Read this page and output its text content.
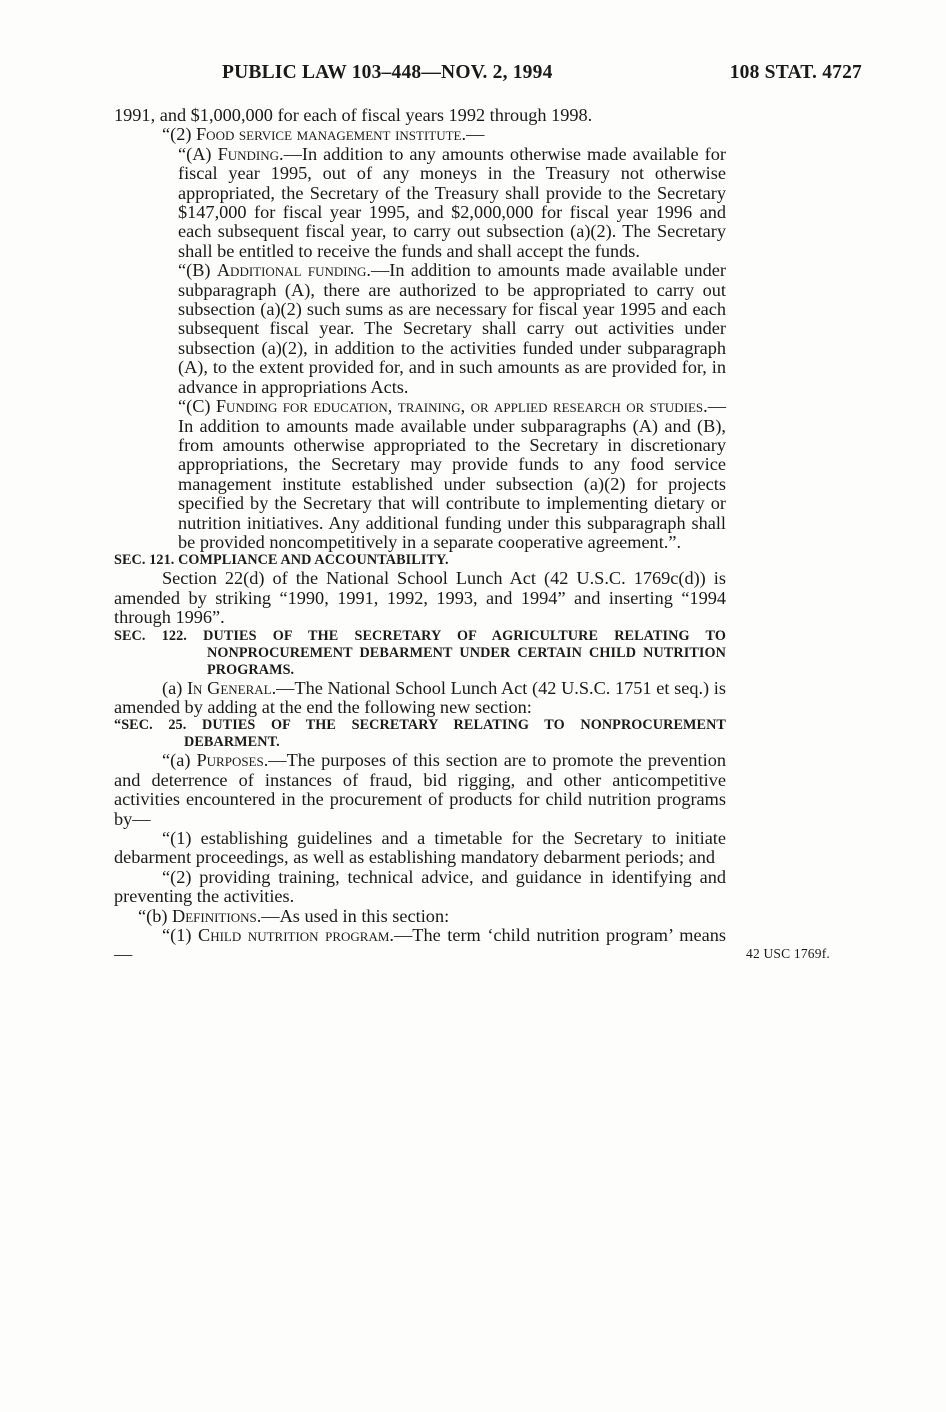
PUBLIC LAW 103–448—NOV. 2, 1994	108 STAT. 4727

1991, and $1,000,000 for each of fiscal years 1992 through 1998.

“(2) Food service management institute.—

“(A) Funding.—In addition to any amounts otherwise made available for fiscal year 1995, out of any moneys in the Treasury not otherwise appropriated, the Secretary of the Treasury shall provide to the Secretary $147,000 for fiscal year 1995, and $2,000,000 for fiscal year 1996 and each subsequent fiscal year, to carry out subsection (a)(2). The Secretary shall be entitled to receive the funds and shall accept the funds.

“(B) Additional funding.—In addition to amounts made available under subparagraph (A), there are authorized to be appropriated to carry out subsection (a)(2) such sums as are necessary for fiscal year 1995 and each subsequent fiscal year. The Secretary shall carry out activities under subsection (a)(2), in addition to the activities funded under subparagraph (A), to the extent provided for, and in such amounts as are provided for, in advance in appropriations Acts.

“(C) Funding for education, training, or applied research or studies.—In addition to amounts made available under subparagraphs (A) and (B), from amounts otherwise appropriated to the Secretary in discretionary appropriations, the Secretary may provide funds to any food service management institute established under subsection (a)(2) for projects specified by the Secretary that will contribute to implementing dietary or nutrition initiatives. Any additional funding under this subparagraph shall be provided noncompetitively in a separate cooperative agreement.”.

SEC. 121. COMPLIANCE AND ACCOUNTABILITY.

Section 22(d) of the National School Lunch Act (42 U.S.C. 1769c(d)) is amended by striking “1990, 1991, 1992, 1993, and 1994” and inserting “1994 through 1996”.

SEC. 122. DUTIES OF THE SECRETARY OF AGRICULTURE RELATING TO NONPROCUREMENT DEBARMENT UNDER CERTAIN CHILD NUTRITION PROGRAMS.

(a) In General.—The National School Lunch Act (42 U.S.C. 1751 et seq.) is amended by adding at the end the following new section:

“SEC. 25. DUTIES OF THE SECRETARY RELATING TO NONPROCUREMENT DEBARMENT.

“(a) Purposes.—The purposes of this section are to promote the prevention and deterrence of instances of fraud, bid rigging, and other anticompetitive activities encountered in the procurement of products for child nutrition programs by—

“(1) establishing guidelines and a timetable for the Secretary to initiate debarment proceedings, as well as establishing mandatory debarment periods; and

“(2) providing training, technical advice, and guidance in identifying and preventing the activities.

“(b) Definitions.—As used in this section:

“(1) Child nutrition program.—The term ‘child nutrition program’ means—	42 USC 1769f.
